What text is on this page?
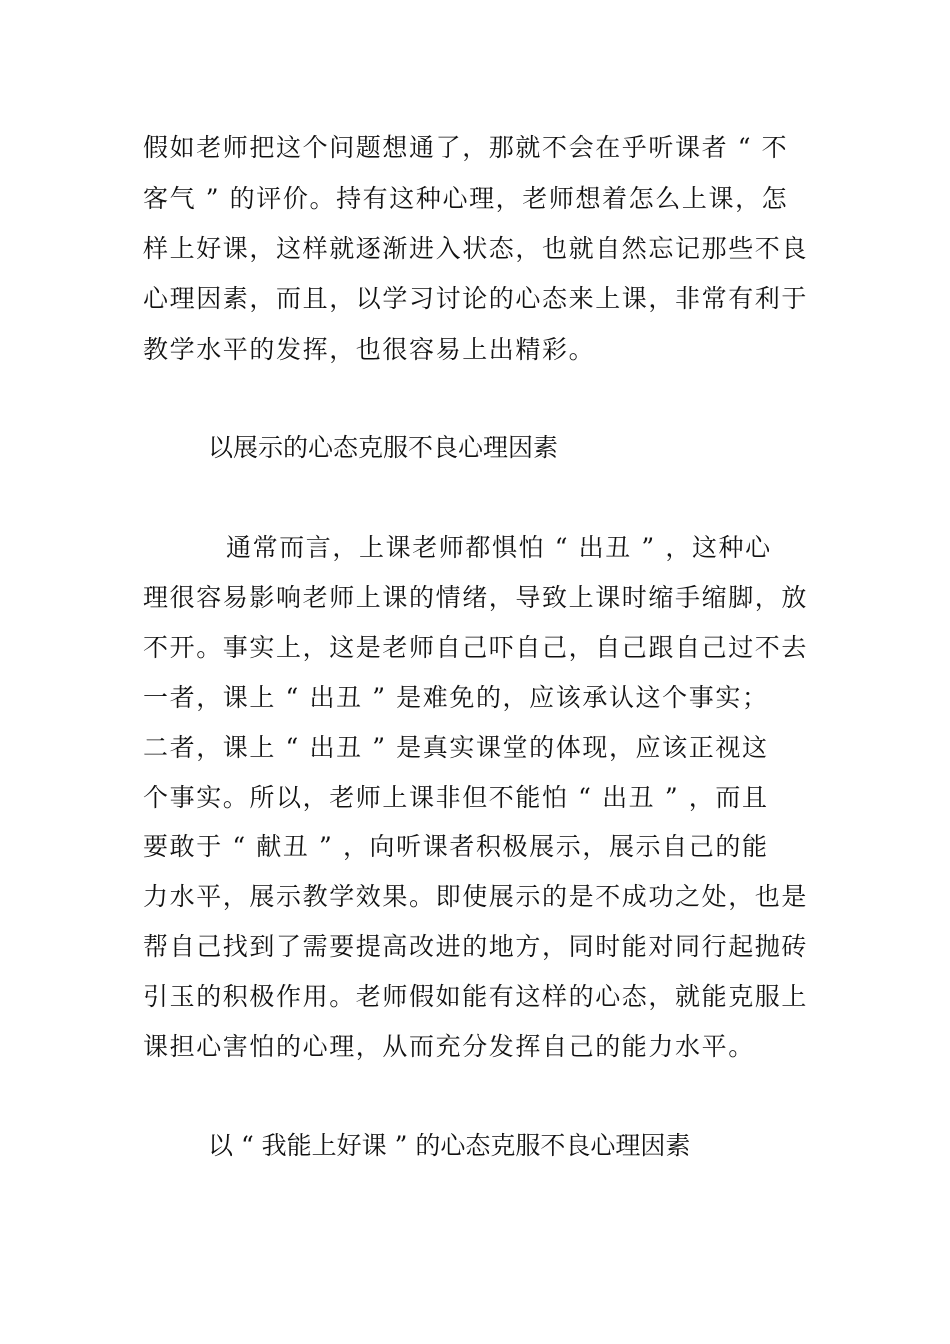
假如老师把这个问题想通了，那就不会在乎听课者 “ 不
客气 ” 的评价。持有这种心理，老师想着怎么上课，怎
样上好课，这样就逐渐进入状态，也就自然忘记那些不良
心理因素，而且，以学习讨论的心态来上课，非常有利于
教学水平的发挥，也很容易上出精彩。
以展示的心态克服不良心理因素
通常而言，上课老师都惧怕 “ 出丑 ” ，这种心
理很容易影响老师上课的情绪，导致上课时缩手缩脚，放
不开。事实上，这是老师自己吓自己，自己跟自己过不去
一者，课上 “ 出丑 ” 是难免的，应该承认这个事实；
二者，课上 “ 出丑 ” 是真实课堂的体现，应该正视这
个事实。所以，老师上课非但不能怕 “ 出丑 ” ，而且
要敢于 “ 献丑 ” ，向听课者积极展示，展示自己的能
力水平，展示教学效果。即使展示的是不成功之处，也是
帮自己找到了需要提高改进的地方，同时能对同行起抛砖
引玉的积极作用。老师假如能有这样的心态，就能克服上
课担心害怕的心理，从而充分发挥自己的能力水平。
以 “ 我能上好课 ” 的心态克服不良心理因素
